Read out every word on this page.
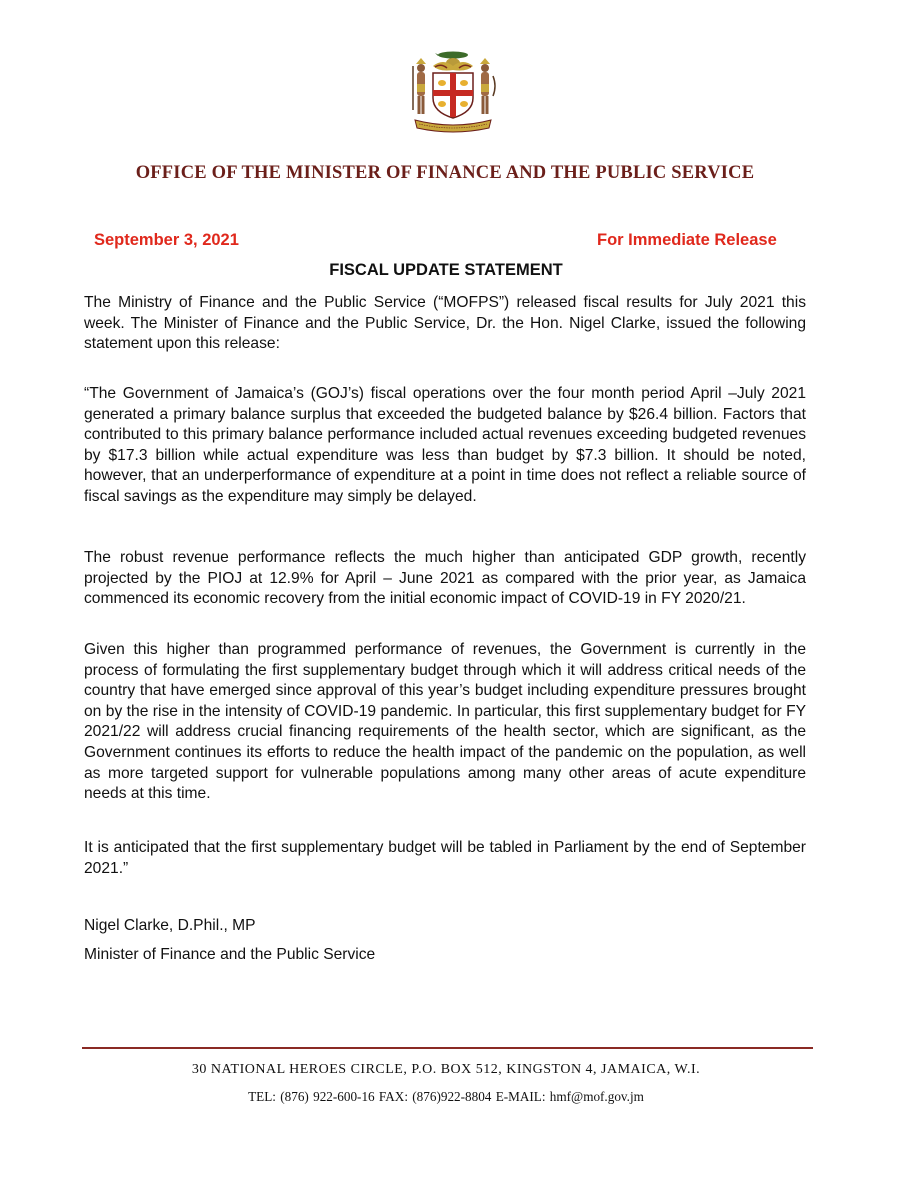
OFFICE OF THE MINISTER OF FINANCE AND THE PUBLIC SERVICE
September 3, 2021	For Immediate Release
FISCAL UPDATE STATEMENT

The Ministry of Finance and the Public Service (“MOFPS”) released fiscal results for July 2021 this week. The Minister of Finance and the Public Service, Dr. the Hon. Nigel Clarke, issued the following statement upon this release:

“The Government of Jamaica’s (GOJ’s) fiscal operations over the four month period April –July 2021 generated a primary balance surplus that exceeded the budgeted balance by $26.4 billion. Factors that contributed to this primary balance performance included actual revenues exceeding budgeted revenues by $17.3 billion while actual expenditure was less than budget by $7.3 billion. It should be noted, however, that an underperformance of expenditure at a point in time does not reflect a reliable source of fiscal savings as the expenditure may simply be delayed.

The robust revenue performance reflects the much higher than anticipated GDP growth, recently projected by the PIOJ at 12.9% for April – June 2021 as compared with the prior year, as Jamaica commenced its economic recovery from the initial economic impact of COVID-19 in FY 2020/21.

Given this higher than programmed performance of revenues, the Government is currently in the process of formulating the first supplementary budget through which it will address critical needs of the country that have emerged since approval of this year’s budget including expenditure pressures brought on by the rise in the intensity of COVID-19 pandemic. In particular, this first supplementary budget for FY 2021/22 will address crucial financing requirements of the health sector, which are significant, as the Government continues its efforts to reduce the health impact of the pandemic on the population, as well as more targeted support for vulnerable populations among many other areas of acute expenditure needs at this time.

It is anticipated that the first supplementary budget will be tabled in Parliament by the end of September 2021.”

Nigel Clarke, D.Phil., MP
Minister of Finance and the Public Service
30 NATIONAL HEROES CIRCLE, P.O. BOX 512, KINGSTON 4, JAMAICA, W.I.
TEL: (876) 922-600-16 FAX: (876)922-8804 E-MAIL: hmf@mof.gov.jm
